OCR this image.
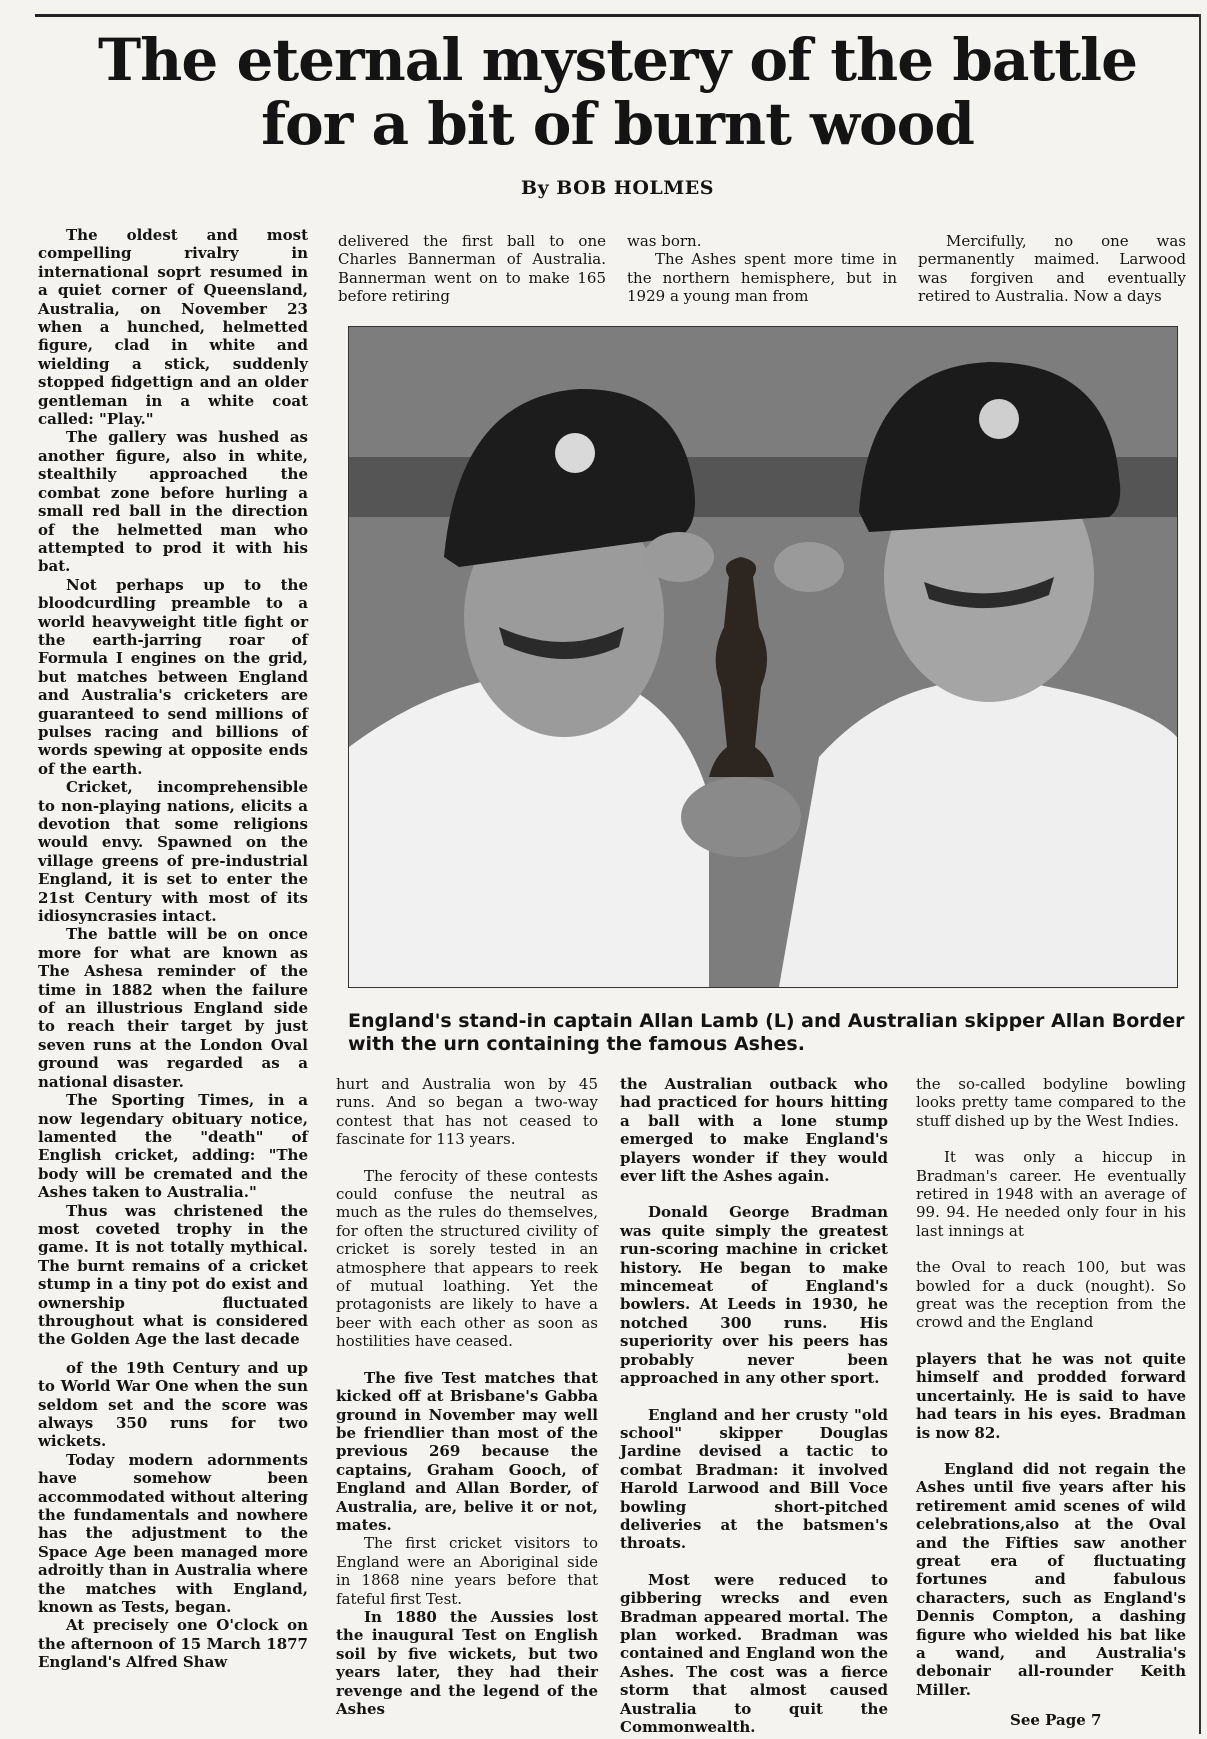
The eternal mystery of the battle
for a bit of burnt wood
By BOB HOLMES

The oldest and most compelling rivalry in international soprt resumed in a quiet corner of Queensland, Australia, on November 23 when a hunched, helmetted figure, clad in white and wielding a stick, suddenly stopped fidgettign and an older gentleman in a white coat called: "Play."

The gallery was hushed as another figure, also in white, stealthily approached the combat zone before hurling a small red ball in the direction of the helmetted man who attempted to prod it with his bat.

Not perhaps up to the bloodcurdling preamble to a world heavyweight title fight or the earth-jarring roar of Formula I engines on the grid, but matches between England and Australia's cricketers are guaranteed to send millions of pulses racing and billions of words spewing at opposite ends of the earth.

Cricket, incomprehensible to non-playing nations, elicits a devotion that some religions would envy. Spawned on the village greens of pre-industrial England, it is set to enter the 21st Century with most of its idiosyncrasies intact.

The battle will be on once more for what are known as The Ashesa reminder of the time in 1882 when the failure of an illustrious England side to reach their target by just seven runs at the London Oval ground was regarded as a national disaster.

The Sporting Times, in a now legendary obituary notice, lamented the "death" of English cricket, adding: "The body will be cremated and the Ashes taken to Australia."

Thus was christened the most coveted trophy in the game. It is not totally mythical. The burnt remains of a cricket stump in a tiny pot do exist and ownership fluctuated throughout what is considered the Golden Age the last decade

of the 19th Century and up to World War One when the sun seldom set and the score was always 350 runs for two wickets.

Today modern adornments have somehow been accommodated without altering the fundamentals and nowhere has the adjustment to the Space Age been managed more adroitly than in Australia where the matches with England, known as Tests, began.

At precisely one O'clock on the afternoon of 15 March 1877 England's Alfred Shaw

delivered the first ball to one Charles Bannerman of Australia. Bannerman went on to make 165 before retiring

was born.

The Ashes spent more time in the northern hemisphere, but in 1929 a young man from

Mercifully, no one was permanently maimed. Larwood was forgiven and eventually retired to Australia. Now a days

England's stand-in captain Allan Lamb (L) and Australian skipper Allan Border with the urn containing the famous Ashes.

hurt and Australia won by 45 runs. And so began a two-way contest that has not ceased to fascinate for 113 years.

The ferocity of these contests could confuse the neutral as much as the rules do themselves, for often the structured civility of cricket is sorely tested in an atmosphere that appears to reek of mutual loathing. Yet the protagonists are likely to have a beer with each other as soon as hostilities have ceased.

The five Test matches that kicked off at Brisbane's Gabba ground in November may well be friendlier than most of the previous 269 because the captains, Graham Gooch, of England and Allan Border, of Australia, are, belive it or not, mates.

The first cricket visitors to England were an Aboriginal side in 1868 nine years before that fateful first Test.

In 1880 the Aussies lost the inaugural Test on English soil by five wickets, but two years later, they had their revenge and the legend of the Ashes

the Australian outback who had practiced for hours hitting a ball with a lone stump emerged to make England's players wonder if they would ever lift the Ashes again.

Donald George Bradman was quite simply the greatest run-scoring machine in cricket history. He began to make mincemeat of England's bowlers. At Leeds in 1930, he notched 300 runs. His superiority over his peers has probably never been approached in any other sport.

England and her crusty "old school" skipper Douglas Jardine devised a tactic to combat Bradman: it involved Harold Larwood and Bill Voce bowling short-pitched deliveries at the batsmen's throats.

Most were reduced to gibbering wrecks and even Bradman appeared mortal. The plan worked. Bradman was contained and England won the Ashes. The cost was a fierce storm that almost caused Australia to quit the Commonwealth.

the so-called bodyline bowling looks pretty tame compared to the stuff dished up by the West Indies.

It was only a hiccup in Bradman's career. He eventually retired in 1948 with an average of 99. 94. He needed only four in his last innings at

the Oval to reach 100, but was bowled for a duck (nought). So great was the reception from the crowd and the England

players that he was not quite himself and prodded forward uncertainly. He is said to have had tears in his eyes. Bradman is now 82.

England did not regain the Ashes until five years after his retirement amid scenes of wild celebrations,also at the Oval and the Fifties saw another great era of fluctuating fortunes and fabulous characters, such as England's Dennis Compton, a dashing figure who wielded his bat like a wand, and Australia's debonair all-rounder Keith Miller.

See Page 7
